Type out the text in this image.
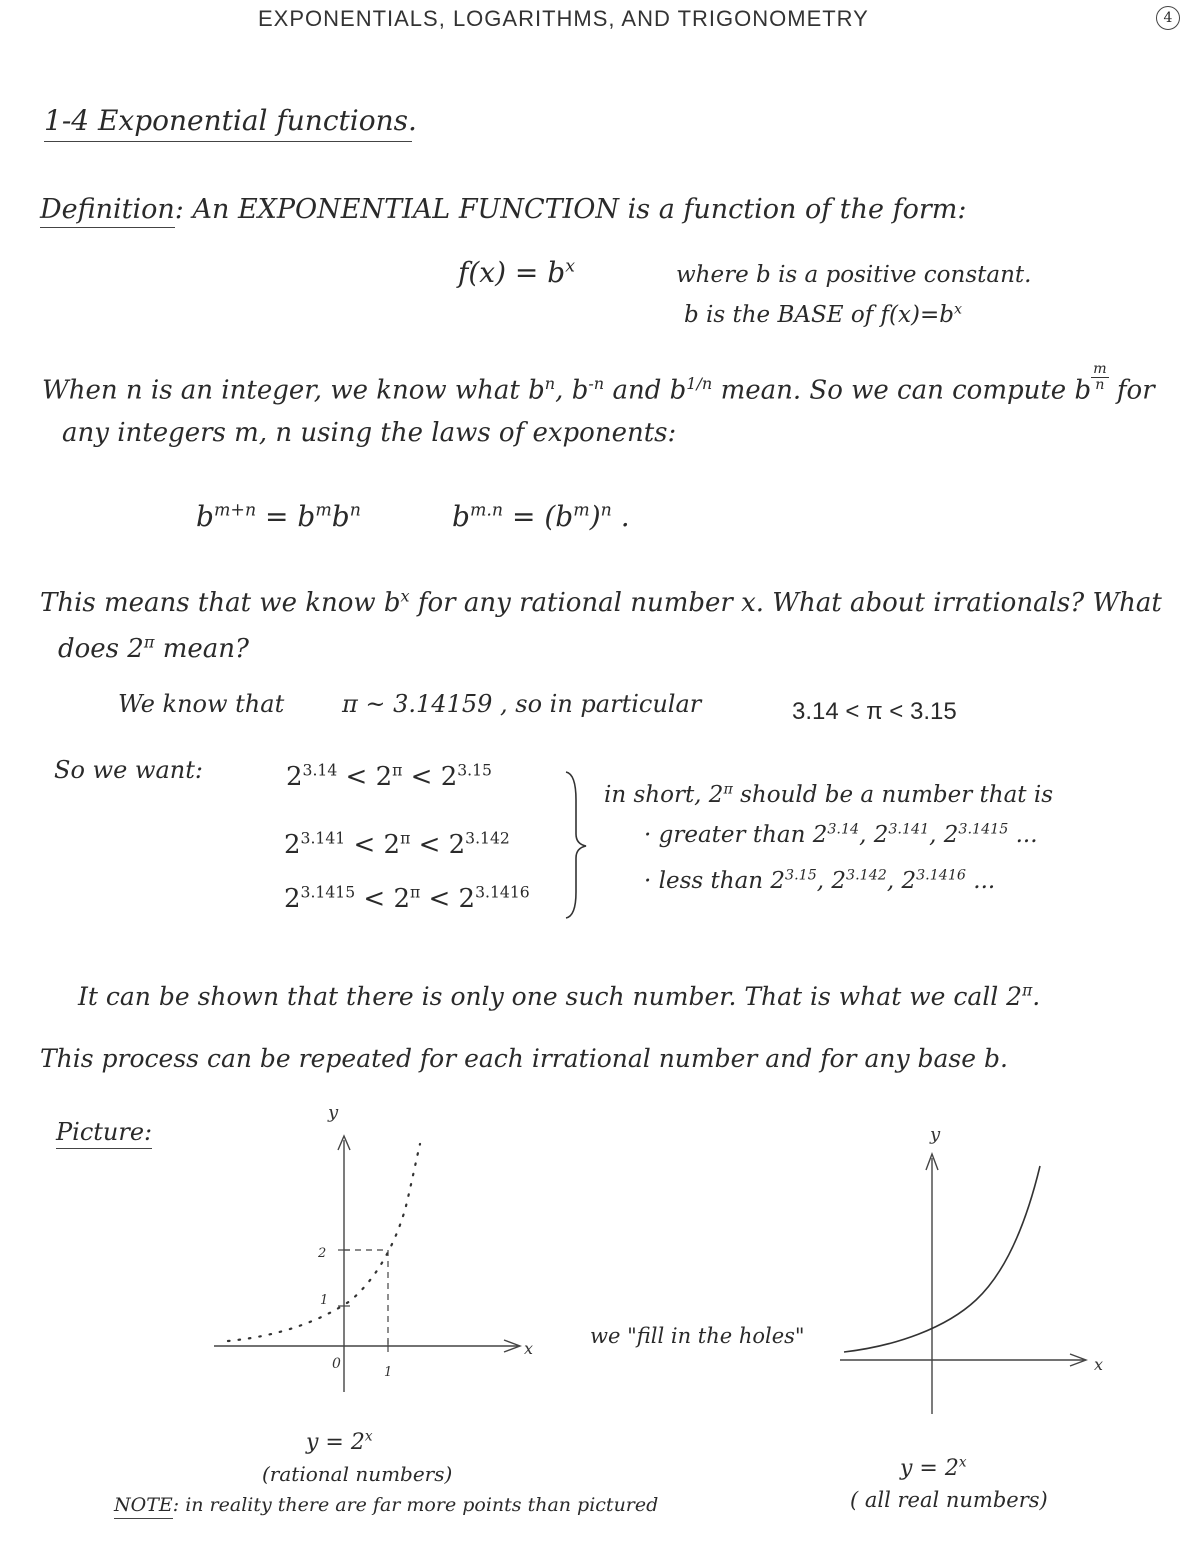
EXPONENTIALS, LOGARITHMS, AND TRIGONOMETRY	4
1-4 Exponential functions.
Definition: An EXPONENTIAL FUNCTION is a function of the form:
$f(x) = b^x$	where b is a positive constant.
b is the BASE of $f(x)=b^x$
When n is an integer, we know what $b^n$, $b^{-n}$ and $b^{1/n}$ mean. So we can compute b $\frac{m}{n}$ for
any integers m, n using the laws of exponents:
$b^{m+n} = b^mb^n$	$b^{m.n} = (b^m)^n$ .
This means that we know $b^x$ for any rational number x. What about irrationals? What
does $2^\pi$ mean?
We know that π ~ 3.14159 , so in particular	3.14 < π < 3.15
So we want:	$2^{3.14} < 2^\pi < 2^{3.15}$
$2^{3.141} < 2^\pi < 2^{3.142}$
$2^{3.1415} < 2^\pi < 2^{3.1416}$
in short, $2^\pi$ should be a number that is
· greater than $2^{3.14}$, $2^{3.141}$, $2^{3.1415}$ ...
· less than $2^{3.15}$, $2^{3.142}$, $2^{3.1416}$ ...
It can be shown that there is only one such number. That is what we call $2^\pi$.
This process can be repeated for each irrational number and for any base b.
Picture:
y
x
2
1
0
1
$y = 2^x$
(rational numbers)
we "fill in the holes"
y
x
$y = 2^x$
( all real numbers)
NOTE: in reality there are far more points than pictured
